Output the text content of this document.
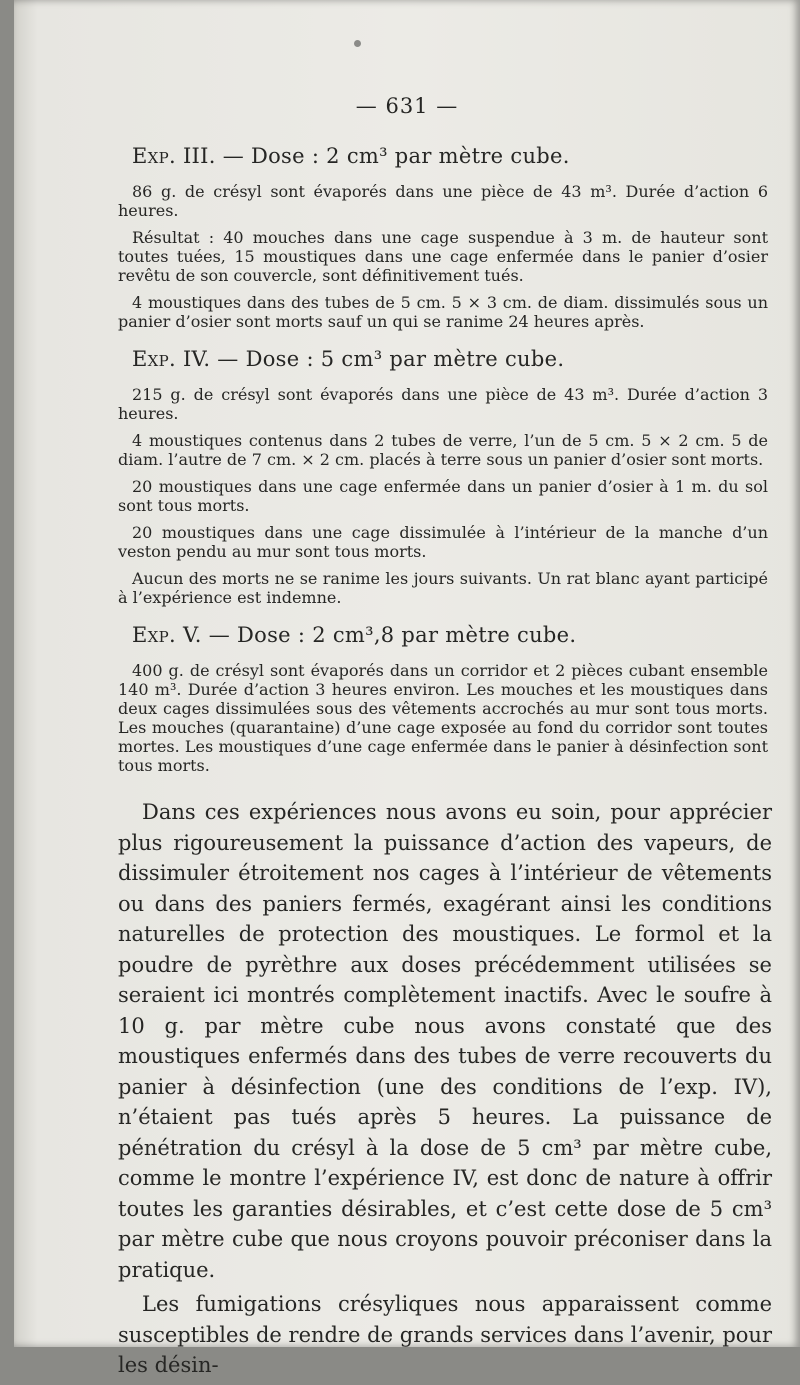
— 631 —
Exp. III. — Dose : 2 cm³ par mètre cube.

86 g. de crésyl sont évaporés dans une pièce de 43 m³. Durée d’action 6 heures.

Résultat : 40 mouches dans une cage suspendue à 3 m. de hauteur sont toutes tuées, 15 moustiques dans une cage enfermée dans le panier d’osier revêtu de son couvercle, sont définitivement tués.

4 moustiques dans des tubes de 5 cm. 5 × 3 cm. de diam. dissimulés sous un panier d’osier sont morts sauf un qui se ranime 24 heures après.

Exp. IV. — Dose : 5 cm³ par mètre cube.

215 g. de crésyl sont évaporés dans une pièce de 43 m³. Durée d’action 3 heures.

4 moustiques contenus dans 2 tubes de verre, l’un de 5 cm. 5 × 2 cm. 5 de diam. l’autre de 7 cm. × 2 cm. placés à terre sous un panier d’osier sont morts.

20 moustiques dans une cage enfermée dans un panier d’osier à 1 m. du sol sont tous morts.

20 moustiques dans une cage dissimulée à l’intérieur de la manche d’un veston pendu au mur sont tous morts.

Aucun des morts ne se ranime les jours suivants. Un rat blanc ayant participé à l’expérience est indemne.

Exp. V. — Dose : 2 cm³,8 par mètre cube.

400 g. de crésyl sont évaporés dans un corridor et 2 pièces cubant ensemble 140 m³. Durée d’action 3 heures environ. Les mouches et les moustiques dans deux cages dissimulées sous des vêtements accrochés au mur sont tous morts. Les mouches (quarantaine) d’une cage exposée au fond du corridor sont toutes mortes. Les moustiques d’une cage enfermée dans le panier à désinfection sont tous morts.

Dans ces expériences nous avons eu soin, pour apprécier plus rigoureusement la puissance d’action des vapeurs, de dissimuler étroitement nos cages à l’intérieur de vêtements ou dans des paniers fermés, exagérant ainsi les conditions naturelles de protection des moustiques. Le formol et la poudre de pyrèthre aux doses précédemment utilisées se seraient ici montrés complètement inactifs. Avec le soufre à 10 g. par mètre cube nous avons constaté que des moustiques enfermés dans des tubes de verre recouverts du panier à désinfection (une des conditions de l’exp. IV), n’étaient pas tués après 5 heures. La puissance de pénétration du crésyl à la dose de 5 cm³ par mètre cube, comme le montre l’expérience IV, est donc de nature à offrir toutes les garanties désirables, et c’est cette dose de 5 cm³ par mètre cube que nous croyons pouvoir préconiser dans la pratique.

Les fumigations crésyliques nous apparaissent comme susceptibles de rendre de grands services dans l’avenir, pour les désin-
